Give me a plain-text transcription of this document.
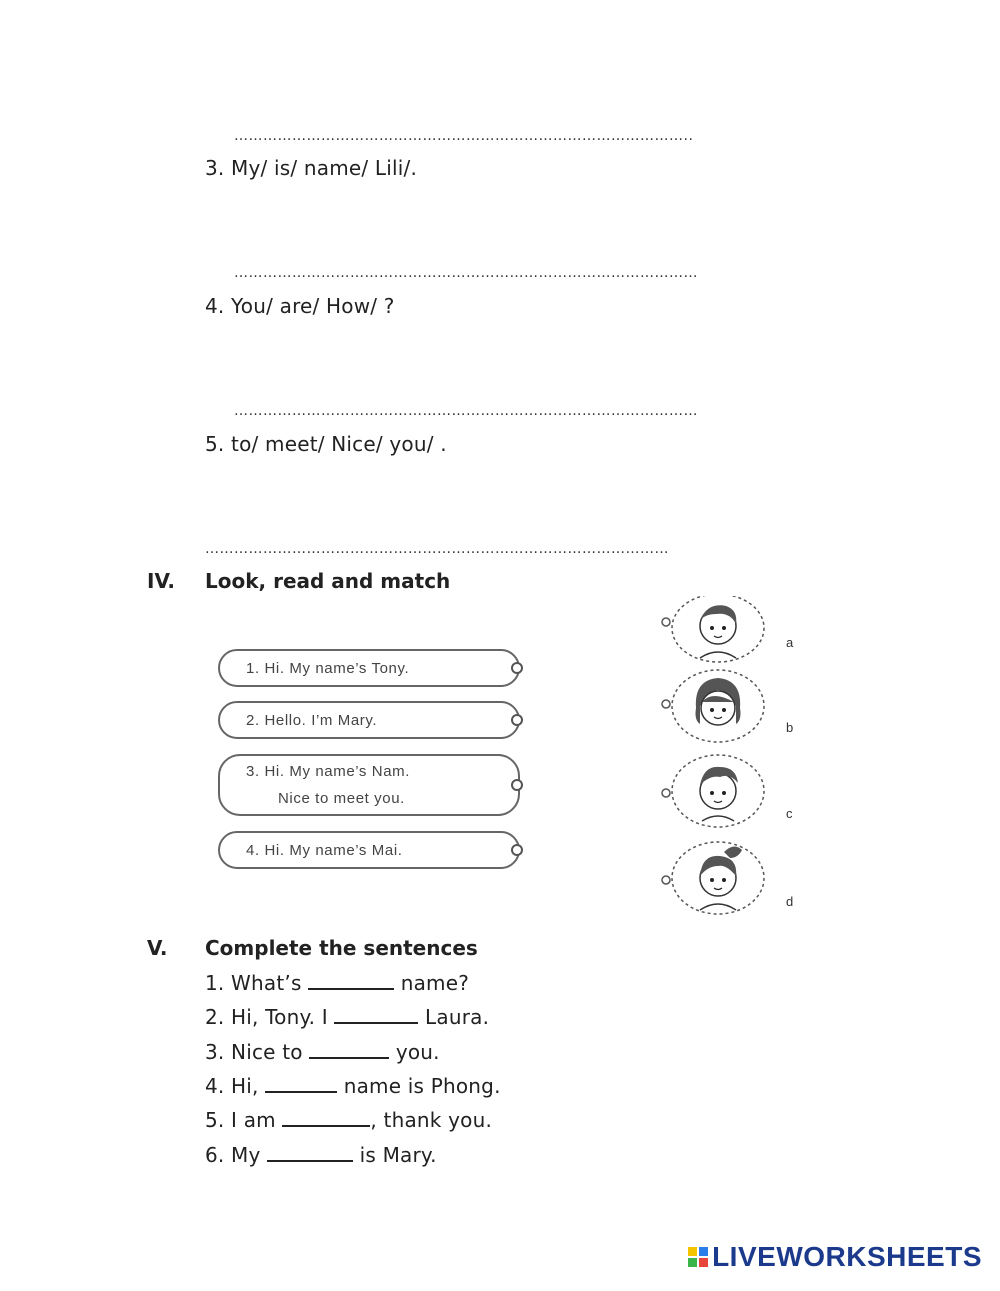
…………………………………………………………………………………..
3. My/ is/ name/ Lili/.
……………………………………………………………………………………
4. You/ are/ How/ ?
……………………………………………………………………………………
5. to/ meet/ Nice/ you/ .
……………………………………………………………………………………
IV. Look, read and match
1. Hi. My name’s Tony.
2. Hello. I’m Mary.
3. Hi. My name’s Nam.
Nice to meet you.
4. Hi. My name’s Mai.
a
b
c
d
V. Complete the sentences
1. What’s	name?
2. Hi, Tony. I	Laura.
3. Nice to	you.
4. Hi,	name is Phong.
5. I am	, thank you.
6. My	is Mary.
LIVEWORKSHEETS
